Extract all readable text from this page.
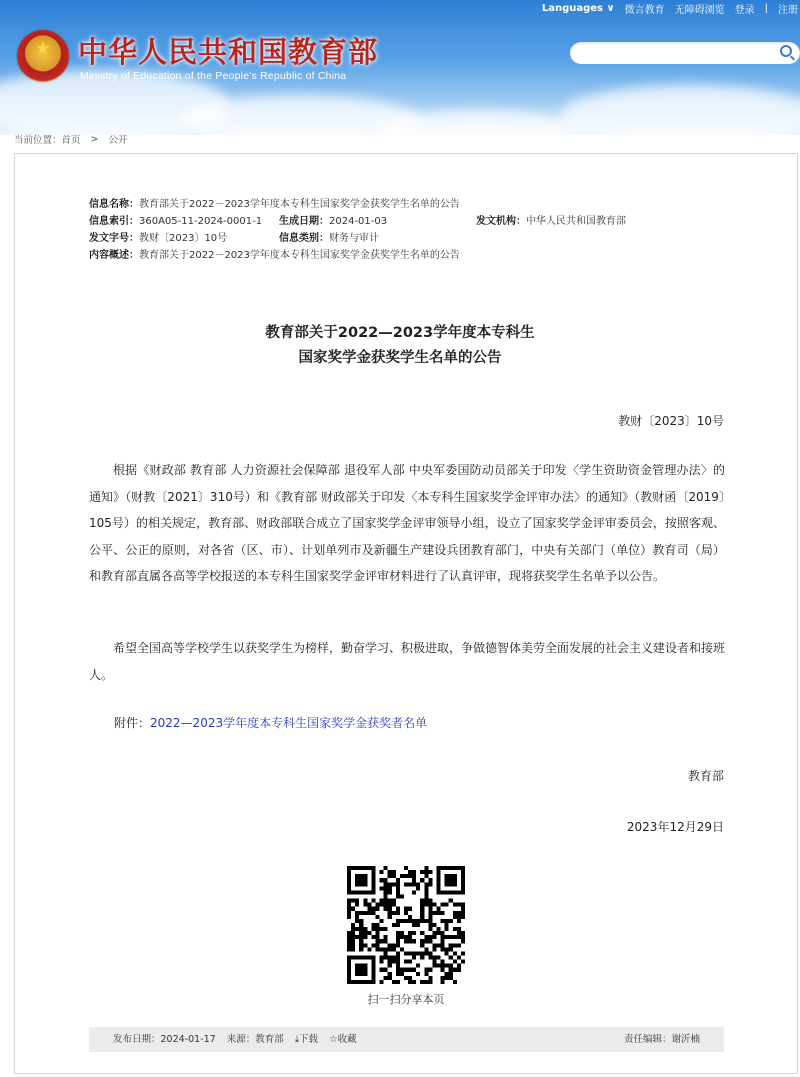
Languages ∨ 微言教育 无障碍浏览 登录 | 注册
★ 中华人民共和国教育部
Ministry of Education of the People's Republic of China
当前位置： 首页 > 公开
信息名称：教育部关于2022－2023学年度本专科生国家奖学金获奖学生名单的公告
信息索引：360A05-11-2024-0001-1 生成日期：2024-01-03	发文机构：中华人民共和国教育部
发文字号：教财〔2023〕10号	信息类别：财务与审计
内容概述：教育部关于2022－2023学年度本专科生国家奖学金获奖学生名单的公告
教育部关于2022—2023学年度本专科生
国家奖学金获奖学生名单的公告
教财〔2023〕10号
根据《财政部 教育部 人力资源社会保障部 退役军人部 中央军委国防动员部关于印发〈学生资助资金管理办法〉的通知》（财教〔2021〕310号）和《教育部 财政部关于印发〈本专科生国家奖学金评审办法〉的通知》（教财函〔2019〕105号）的相关规定，教育部、财政部联合成立了国家奖学金评审领导小组，设立了国家奖学金评审委员会，按照客观、公平、公正的原则，对各省（区、市）、计划单列市及新疆生产建设兵团教育部门，中央有关部门（单位）教育司（局）和教育部直属各高等学校报送的本专科生国家奖学金评审材料进行了认真评审，现将获奖学生名单予以公告。
希望全国高等学校学生以获奖学生为榜样，勤奋学习、积极进取，争做德智体美劳全面发展的社会主义建设者和接班人。
附件：2022—2023学年度本专科生国家奖学金获奖者名单
教育部
2023年12月29日
扫一扫分享本页
发布日期：2024-01-17 来源：教育部 ⤓下载 ☆收藏	责任编辑：谢沂楠
